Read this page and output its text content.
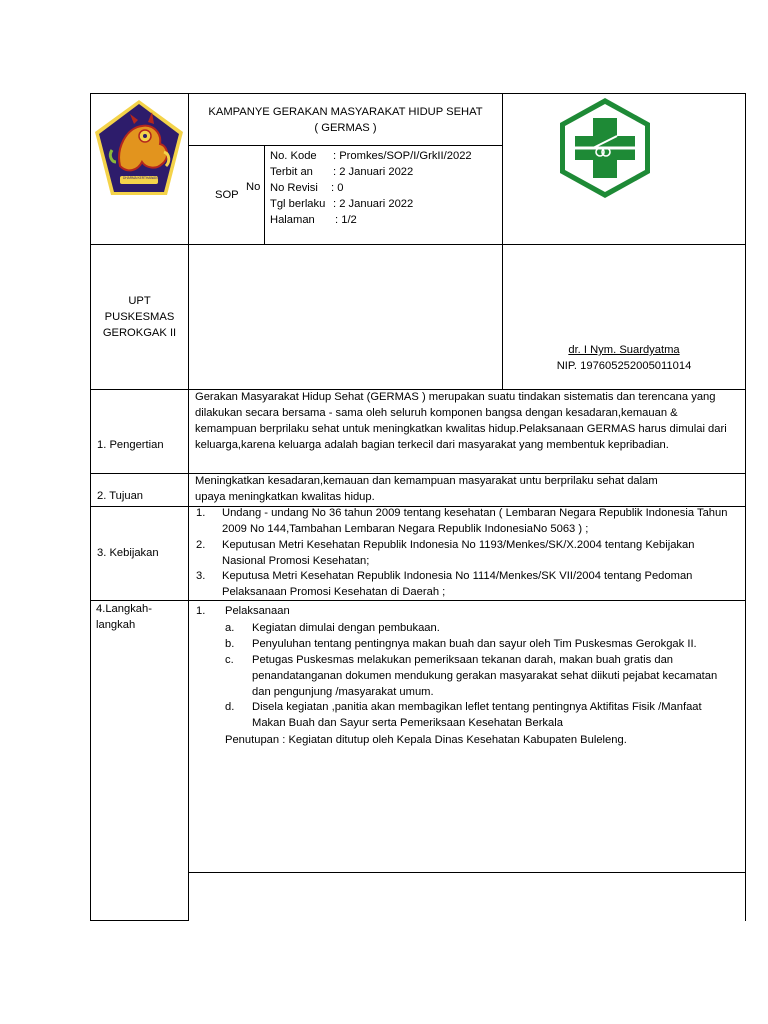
DHARMA KERTHAWAN
KAMPANYE GERAKAN MASYARAKAT HIDUP SEHAT
( GERMAS )
SOP
No
No. Kode : Promkes/SOP/I/GrkII/2022
Terbit an : 2 Januari 2022
No Revisi : 0
Tgl berlaku : 2 Januari 2022
Halaman : 1/2
UPT
PUSKESMAS
GEROKGAK II
dr. I Nym. Suardyatma
NIP. 197605252005011014
1. Pengertian
Gerakan Masyarakat Hidup Sehat (GERMAS ) merupakan suatu tindakan sistematis dan terencana yang
dilakukan secara bersama - sama oleh seluruh komponen bangsa dengan kesadaran,kemauan &
kemampuan berprilaku sehat untuk meningkatkan kwalitas hidup.Pelaksanaan GERMAS harus dimulai dari
keluarga,karena keluarga adalah bagian terkecil dari masyarakat yang membentuk kepribadian.
2. Tujuan
Meningkatkan kesadaran,kemauan dan kemampuan masyarakat untu berprilaku sehat dalam
upaya meningkatkan kwalitas hidup.
3. Kebijakan
1. Undang - undang No 36 tahun 2009 tentang kesehatan ( Lembaran Negara Republik Indonesia Tahun
2009 No 144,Tambahan Lembaran Negara Republik IndonesiaNo 5063 ) ;
2. Keputusan Metri Kesehatan Republik Indonesia No 1193/Menkes/SK/X.2004 tentang Kebijakan
Nasional Promosi Kesehatan;
3. Keputusa Metri Kesehatan Republik Indonesia No 1114/Menkes/SK VII/2004 tentang Pedoman
Pelaksanaan Promosi Kesehatan di Daerah ;
4.Langkah-
langkah
1. Pelaksanaan
a. Kegiatan dimulai dengan pembukaan.
b. Penyuluhan tentang pentingnya makan buah dan sayur oleh Tim Puskesmas Gerokgak II.
c. Petugas Puskesmas melakukan pemeriksaan tekanan darah, makan buah gratis dan
penandatanganan dokumen mendukung gerakan masyarakat sehat diikuti pejabat kecamatan
dan pengunjung /masyarakat umum.
d. Disela kegiatan ,panitia akan membagikan leflet tentang pentingnya Aktifitas Fisik /Manfaat
Makan Buah dan Sayur serta Pemeriksaan Kesehatan Berkala
Penutupan : Kegiatan ditutup oleh Kepala Dinas Kesehatan Kabupaten Buleleng.
